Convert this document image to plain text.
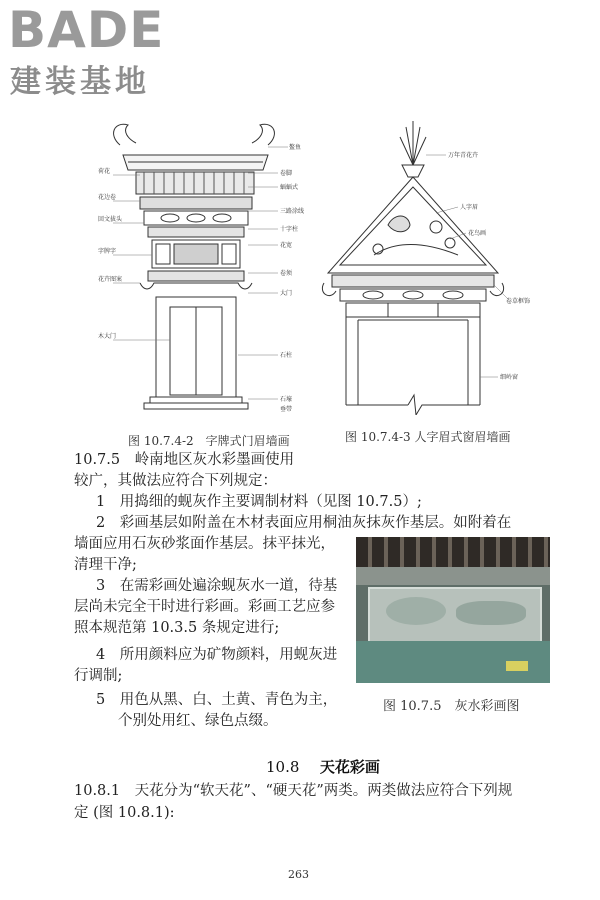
BADE
建装基地
鳌鱼
卷脚
蝠蝠式
三路涂线
十字柱
花宽
卷须
大门
石柱
石壕
荷花
花边卷
回文拔头
字牌字
花卉图案
木大门
垂带
图 10.7.4-2　字牌式门眉墙画
万年青花卉
人字眉
花鸟画
卷草框饰
细岭窗
图 10.7.4-3 人字眉式窗眉墙画
10.7.5　岭南地区灰水彩墨画使用
较广，其做法应符合下列规定：
1　用捣细的蚬灰作主要调制材料（见图 10.7.5）;
2　彩画基层如附盖在木材表面应用桐油灰抹灰作基层。如附着在
墙面应用石灰砂浆面作基层。抹平抹光，
清理干净;
3　在需彩画处遍涂蚬灰水一道，待基
层尚未完全干时进行彩画。彩画工艺应参
照本规范第 10.3.5 条规定进行;
4　所用颜料应为矿物颜料，用蚬灰进
行调制;
5　用色从黑、白、土黄、青色为主，
个别处用红、绿色点缀。
图 10.7.5　灰水彩画图
10.8 天花彩画
10.8.1　天花分为“软天花”、“硬天花”两类。两类做法应符合下列规
定 (图 10.8.1):
263
